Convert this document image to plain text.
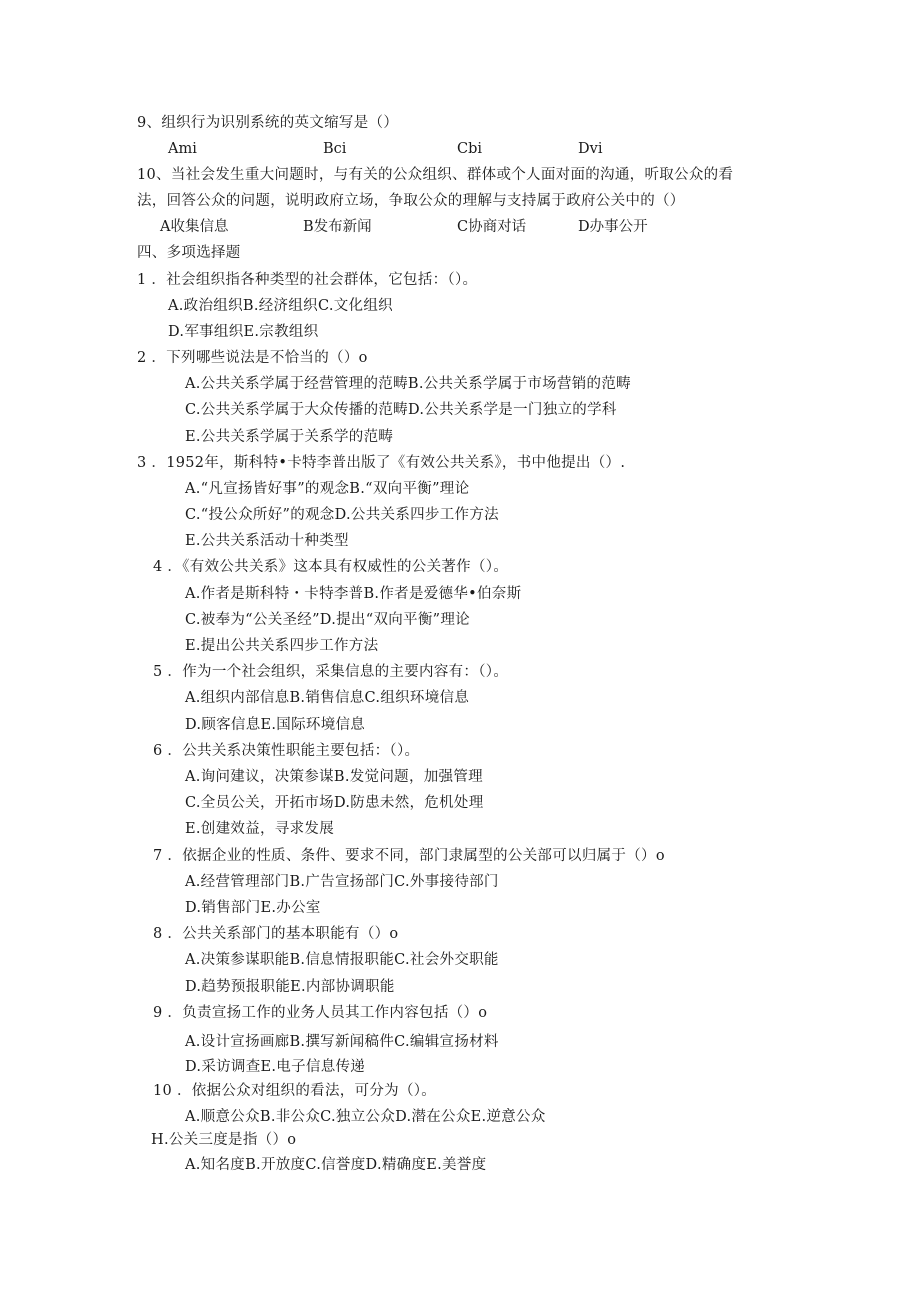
9、组织行为识别系统的英文缩写是（）
Ami	Bci	Cbi	Dvi
10、当社会发生重大问题时，与有关的公众组织、群体或个人面对面的沟通，听取公众的看
法，回答公众的问题，说明政府立场，争取公众的理解与支持属于政府公关中的（）
A收集信息	B发布新闻	C协商对话	D办事公开
四、多项选择题
1 ．社会组织指各种类型的社会群体，它包括：（）。
A.政治组织B.经济组织C.文化组织
D.军事组织E.宗教组织
2 ．下列哪些说法是不恰当的（）o
A.公共关系学属于经营管理的范畴B.公共关系学属于市场营销的范畴
C.公共关系学属于大众传播的范畴D.公共关系学是一门独立的学科
E.公共关系学属于关系学的范畴
3 ．1952年，斯科特•卡特李普出版了《有效公共关系》，书中他提出（）.
A.“凡宣扬皆好事”的观念B.“双向平衡”理论
C.“投公众所好”的观念D.公共关系四步工作方法
E.公共关系活动十种类型
4 ．《有效公共关系》这本具有权威性的公关著作（）。
A.作者是斯科特・卡特李普B.作者是爱德华•伯奈斯
C.被奉为“公关圣经”D.提出“双向平衡”理论
E.提出公共关系四步工作方法
5 ．作为一个社会组织，采集信息的主要内容有：（）。
A.组织内部信息B.销售信息C.组织环境信息
D.顾客信息E.国际环境信息
6 ．公共关系决策性职能主要包括：（）。
A.询问建议，决策参谋B.发觉问题，加强管理
C.全员公关，开拓市场D.防患未然，危机处理
E.创建效益，寻求发展
7 ．依据企业的性质、条件、要求不同，部门隶属型的公关部可以归属于（）o
A.经营管理部门B.广告宣扬部门C.外事接待部门
D.销售部门E.办公室
8 ．公共关系部门的基本职能有（）o
A.决策参谋职能B.信息情报职能C.社会外交职能
D.趋势预报职能E.内部协调职能
9 ．负责宣扬工作的业务人员其工作内容包括（）o
A.设计宣扬画廊B.撰写新闻稿件C.编辑宣扬材料
D.采访调查E.电子信息传递
10 ．依据公众对组织的看法，可分为（）。
A.顺意公众B.非公众C.独立公众D.潜在公众E.逆意公众
H.公关三度是指（）o
A.知名度B.开放度C.信誉度D.精确度E.美誉度
